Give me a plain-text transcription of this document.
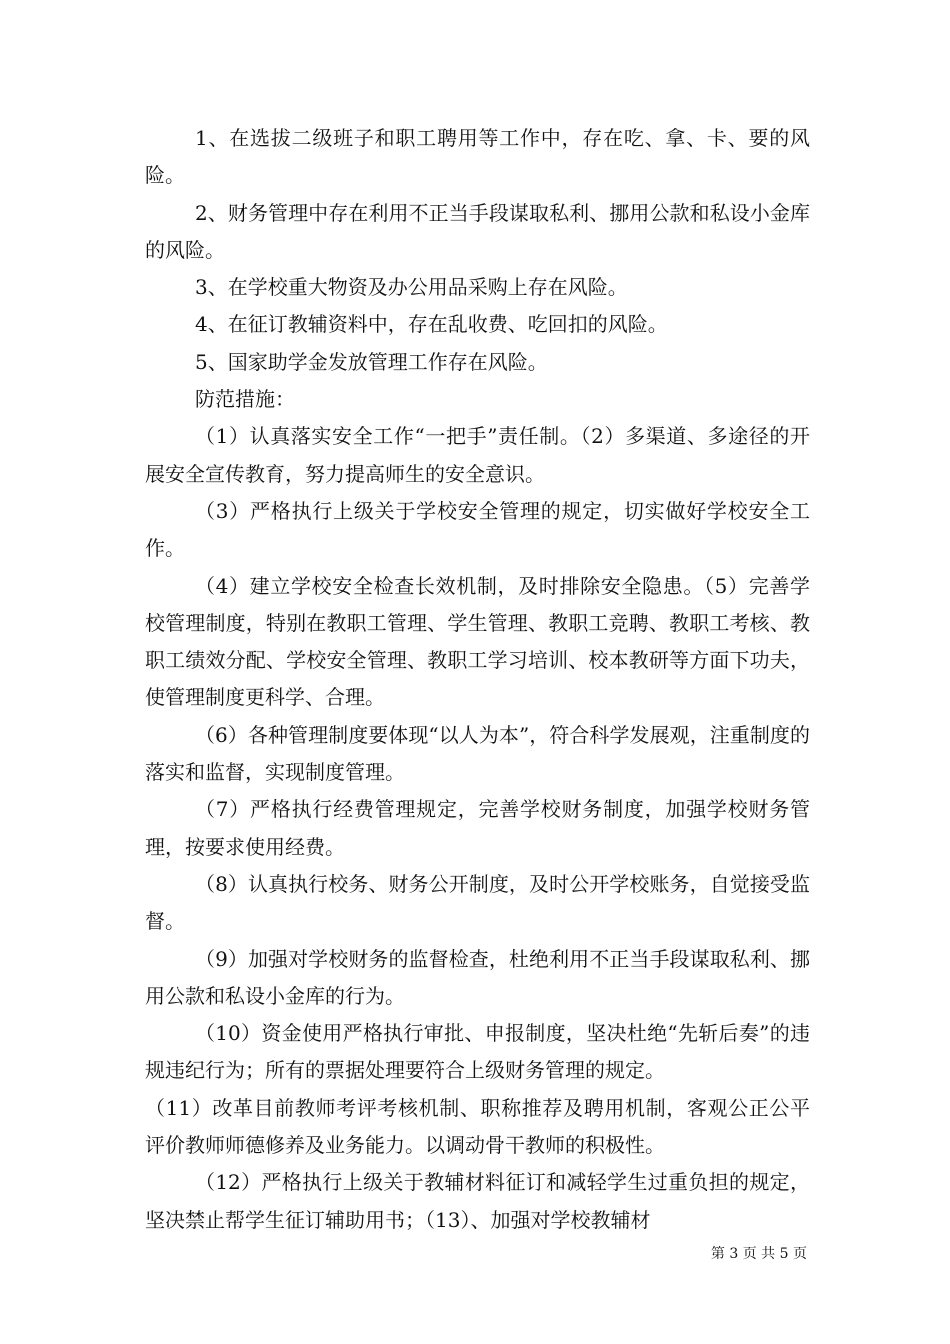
1、在选拔二级班子和职工聘用等工作中，存在吃、拿、卡、要的风险。

2、财务管理中存在利用不正当手段谋取私利、挪用公款和私设小金库的风险。

3、在学校重大物资及办公用品采购上存在风险。

4、在征订教辅资料中，存在乱收费、吃回扣的风险。

5、国家助学金发放管理工作存在风险。

防范措施：

（1）认真落实安全工作“一把手”责任制。（2）多渠道、多途径的开展安全宣传教育，努力提高师生的安全意识。

（3）严格执行上级关于学校安全管理的规定，切实做好学校安全工作。

（4）建立学校安全检查长效机制，及时排除安全隐患。（5）完善学校管理制度，特别在教职工管理、学生管理、教职工竞聘、教职工考核、教职工绩效分配、学校安全管理、教职工学习培训、校本教研等方面下功夫，使管理制度更科学、合理。

（6）各种管理制度要体现“以人为本”，符合科学发展观，注重制度的落实和监督，实现制度管理。

（7）严格执行经费管理规定，完善学校财务制度，加强学校财务管理，按要求使用经费。

（8）认真执行校务、财务公开制度，及时公开学校账务，自觉接受监督。

（9）加强对学校财务的监督检查，杜绝利用不正当手段谋取私利、挪用公款和私设小金库的行为。

（10）资金使用严格执行审批、申报制度，坚决杜绝“先斩后奏”的违规违纪行为；所有的票据处理要符合上级财务管理的规定。

（11）改革目前教师考评考核机制、职称推荐及聘用机制，客观公正公平评价教师师德修养及业务能力。以调动骨干教师的积极性。

（12）严格执行上级关于教辅材料征订和减轻学生过重负担的规定，坚决禁止帮学生征订辅助用书；（13）、加强对学校教辅材

第 3 页 共 5 页
